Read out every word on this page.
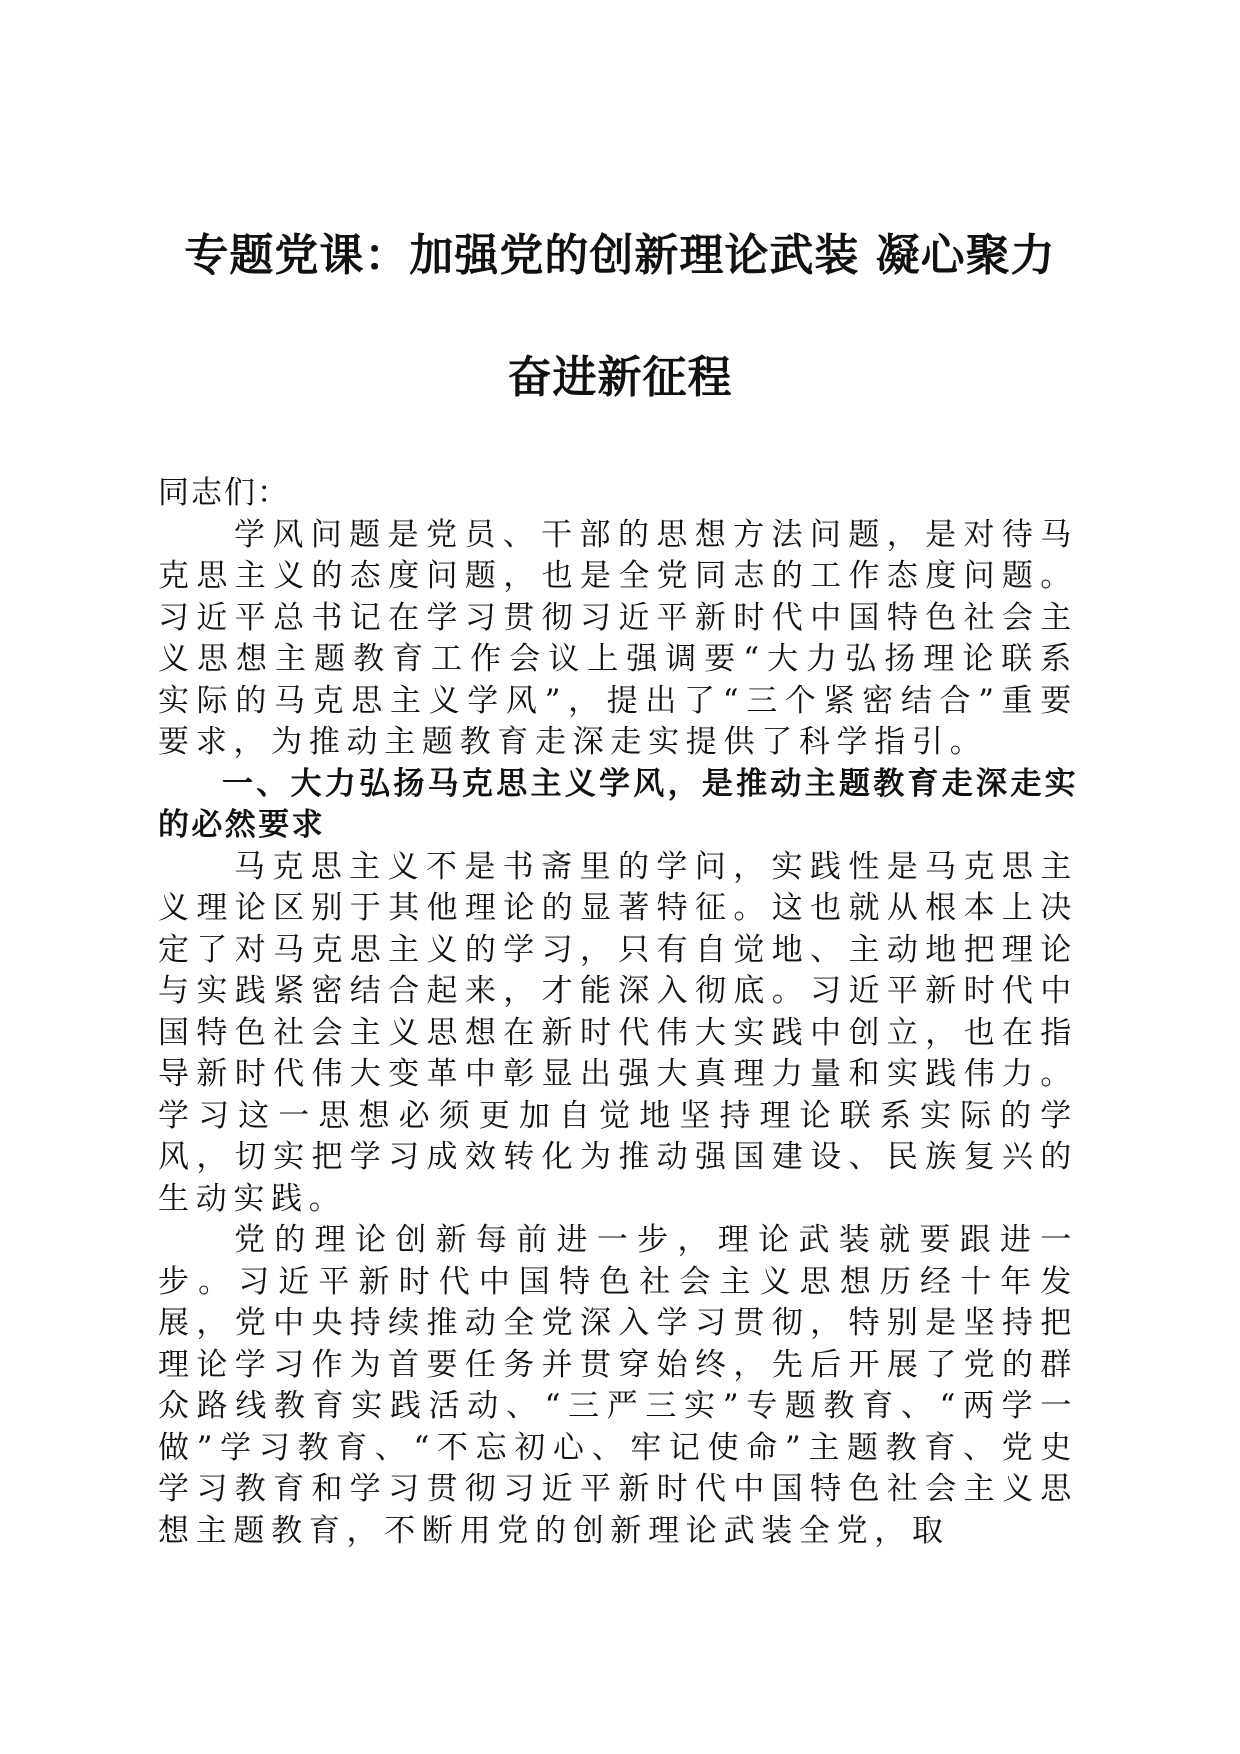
专题党课：加强党的创新理论武装 凝心聚力
奋进新征程

同志们：

学风问题是党员、干部的思想方法问题，是对待马克思主义的态度问题，也是全党同志的工作态度问题。习近平总书记在学习贯彻习近平新时代中国特色社会主义思想主题教育工作会议上强调要“大力弘扬理论联系实际的马克思主义学风”，提出了“三个紧密结合”重要要求，为推动主题教育走深走实提供了科学指引。

一、大力弘扬马克思主义学风，是推动主题教育走深走实的必然要求

马克思主义不是书斋里的学问，实践性是马克思主义理论区别于其他理论的显著特征。这也就从根本上决定了对马克思主义的学习，只有自觉地、主动地把理论与实践紧密结合起来，才能深入彻底。习近平新时代中国特色社会主义思想在新时代伟大实践中创立，也在指导新时代伟大变革中彰显出强大真理力量和实践伟力。学习这一思想必须更加自觉地坚持理论联系实际的学风，切实把学习成效转化为推动强国建设、民族复兴的生动实践。

党的理论创新每前进一步，理论武装就要跟进一步。习近平新时代中国特色社会主义思想历经十年发展，党中央持续推动全党深入学习贯彻，特别是坚持把理论学习作为首要任务并贯穿始终，先后开展了党的群众路线教育实践活动、“三严三实”专题教育、“两学一做”学习教育、“不忘初心、牢记使命”主题教育、党史学习教育和学习贯彻习近平新时代中国特色社会主义思想主题教育，不断用党的创新理论武装全党，取
